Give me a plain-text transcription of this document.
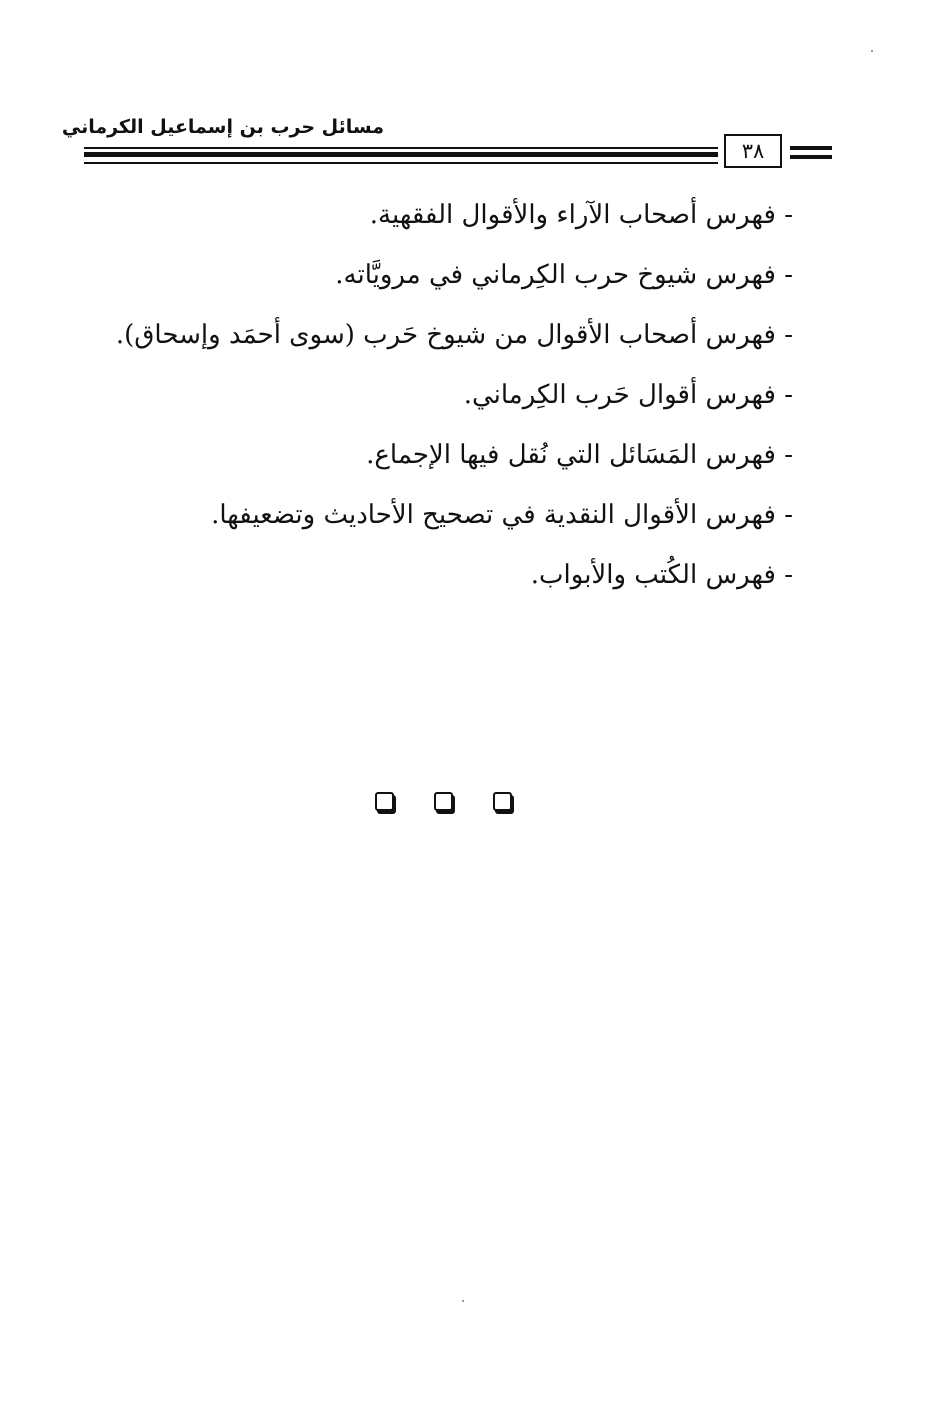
مسائل حرب بن إسماعيل الكرماني
٣٨
- فهرس أصحاب الآراء والأقوال الفقهية.
- فهرس شيوخ حرب الكِرماني في مرويَّاته.
- فهرس أصحاب الأقوال من شيوخ حَرب (سوى أحمَد وإسحاق).
- فهرس أقوال حَرب الكِرماني.
- فهرس المَسَائل التي نُقل فيها الإجماع.
- فهرس الأقوال النقدية في تصحيح الأحاديث وتضعيفها.
- فهرس الكُتب والأبواب.
